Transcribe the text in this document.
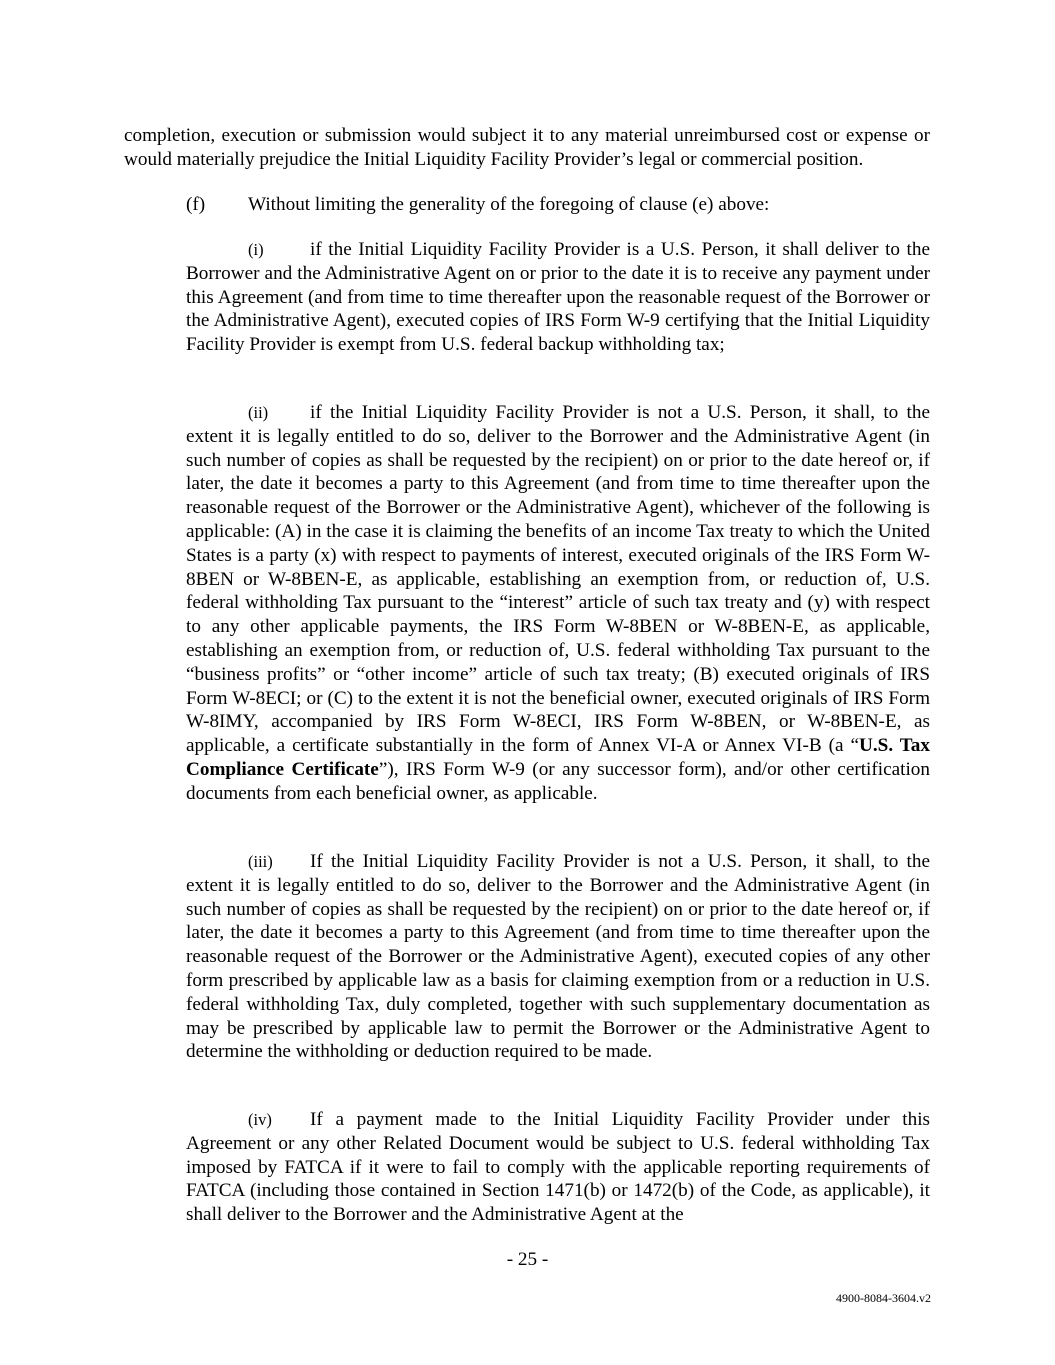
completion, execution or submission would subject it to any material unreimbursed cost or expense or would materially prejudice the Initial Liquidity Facility Provider’s legal or commercial position.

(f) Without limiting the generality of the foregoing of clause (e) above:

(i) if the Initial Liquidity Facility Provider is a U.S. Person, it shall deliver to the Borrower and the Administrative Agent on or prior to the date it is to receive any payment under this Agreement (and from time to time thereafter upon the reasonable request of the Borrower or the Administrative Agent), executed copies of IRS Form W-9 certifying that the Initial Liquidity Facility Provider is exempt from U.S. federal backup withholding tax;

(ii) if the Initial Liquidity Facility Provider is not a U.S. Person, it shall, to the extent it is legally entitled to do so, deliver to the Borrower and the Administrative Agent (in such number of copies as shall be requested by the recipient) on or prior to the date hereof or, if later, the date it becomes a party to this Agreement (and from time to time thereafter upon the reasonable request of the Borrower or the Administrative Agent), whichever of the following is applicable: (A) in the case it is claiming the benefits of an income Tax treaty to which the United States is a party (x) with respect to payments of interest, executed originals of the IRS Form W-8BEN or W-8BEN-E, as applicable, establishing an exemption from, or reduction of, U.S. federal withholding Tax pursuant to the “interest” article of such tax treaty and (y) with respect to any other applicable payments, the IRS Form W-8BEN or W-8BEN-E, as applicable, establishing an exemption from, or reduction of, U.S. federal withholding Tax pursuant to the “business profits” or “other income” article of such tax treaty; (B) executed originals of IRS Form W-8ECI; or (C) to the extent it is not the beneficial owner, executed originals of IRS Form W-8IMY, accompanied by IRS Form W-8ECI, IRS Form W-8BEN, or W-8BEN-E, as applicable, a certificate substantially in the form of Annex VI-A or Annex VI-B (a “U.S. Tax Compliance Certificate”), IRS Form W-9 (or any successor form), and/or other certification documents from each beneficial owner, as applicable.

(iii) If the Initial Liquidity Facility Provider is not a U.S. Person, it shall, to the extent it is legally entitled to do so, deliver to the Borrower and the Administrative Agent (in such number of copies as shall be requested by the recipient) on or prior to the date hereof or, if later, the date it becomes a party to this Agreement (and from time to time thereafter upon the reasonable request of the Borrower or the Administrative Agent), executed copies of any other form prescribed by applicable law as a basis for claiming exemption from or a reduction in U.S. federal withholding Tax, duly completed, together with such supplementary documentation as may be prescribed by applicable law to permit the Borrower or the Administrative Agent to determine the withholding or deduction required to be made.

(iv) If a payment made to the Initial Liquidity Facility Provider under this Agreement or any other Related Document would be subject to U.S. federal withholding Tax imposed by FATCA if it were to fail to comply with the applicable reporting requirements of FATCA (including those contained in Section 1471(b) or 1472(b) of the Code, as applicable), it shall deliver to the Borrower and the Administrative Agent at the

- 25 -
4900-8084-3604.v2
